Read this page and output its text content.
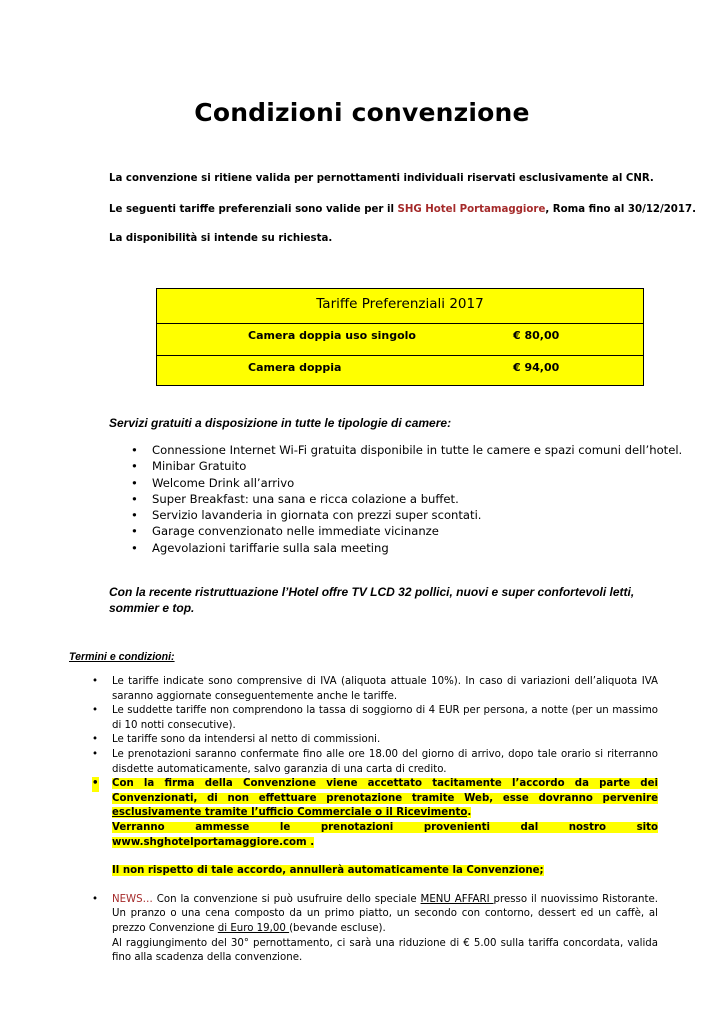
Condizioni convenzione
La convenzione si ritiene valida per pernottamenti individuali riservati esclusivamente al CNR.
Le seguenti tariffe preferenziali sono valide per il SHG Hotel Portamaggiore, Roma fino al 30/12/2017.
La disponibilità si intende su richiesta.
Tariffe Preferenziali 2017
Camera doppia uso singolo	€ 80,00
Camera doppia	€ 94,00
Servizi gratuiti a disposizione in tutte le tipologie di camere:
• Connessione Internet Wi-Fi gratuita disponibile in tutte le camere e spazi comuni dell’hotel.
• Minibar Gratuito
• Welcome Drink all’arrivo
• Super Breakfast: una sana e ricca colazione a buffet.
• Servizio lavanderia in giornata con prezzi super scontati.
• Garage convenzionato nelle immediate vicinanze
• Agevolazioni tariffarie sulla sala meeting
Con la recente ristruttuazione l’Hotel offre TV LCD 32 pollici, nuovi e super confortevoli letti, sommier e top.
Termini e condizioni:
• Le tariffe indicate sono comprensive di IVA (aliquota attuale 10%). In caso di variazioni dell’aliquota IVA saranno aggiornate conseguentemente anche le tariffe.
• Le suddette tariffe non comprendono la tassa di soggiorno di 4 EUR per persona, a notte (per un massimo di 10 notti consecutive).
• Le tariffe sono da intendersi al netto di commissioni.
• Le prenotazioni saranno confermate fino alle ore 18.00 del giorno di arrivo, dopo tale orario si riterranno disdette automaticamente, salvo garanzia di una carta di credito.
• Con la firma della Convenzione viene accettato tacitamente l’accordo da parte dei Convenzionati, di non effettuare prenotazione tramite Web, esse dovranno pervenire esclusivamente tramite l’ufficio Commerciale o il Ricevimento.
Verranno ammesse le prenotazioni provenienti dal nostro sito www.shghotelportamaggiore.com .
Il non rispetto di tale accordo, annullerà automaticamente la Convenzione;
• NEWS… Con la convenzione si può usufruire dello speciale MENU AFFARI presso il nuovissimo Ristorante. Un pranzo o una cena composto da un primo piatto, un secondo con contorno, dessert ed un caffè, al prezzo Convenzione di Euro 19,00 (bevande escluse).
Al raggiungimento del 30° pernottamento, ci sarà una riduzione di € 5.00 sulla tariffa concordata, valida fino alla scadenza della convenzione.
